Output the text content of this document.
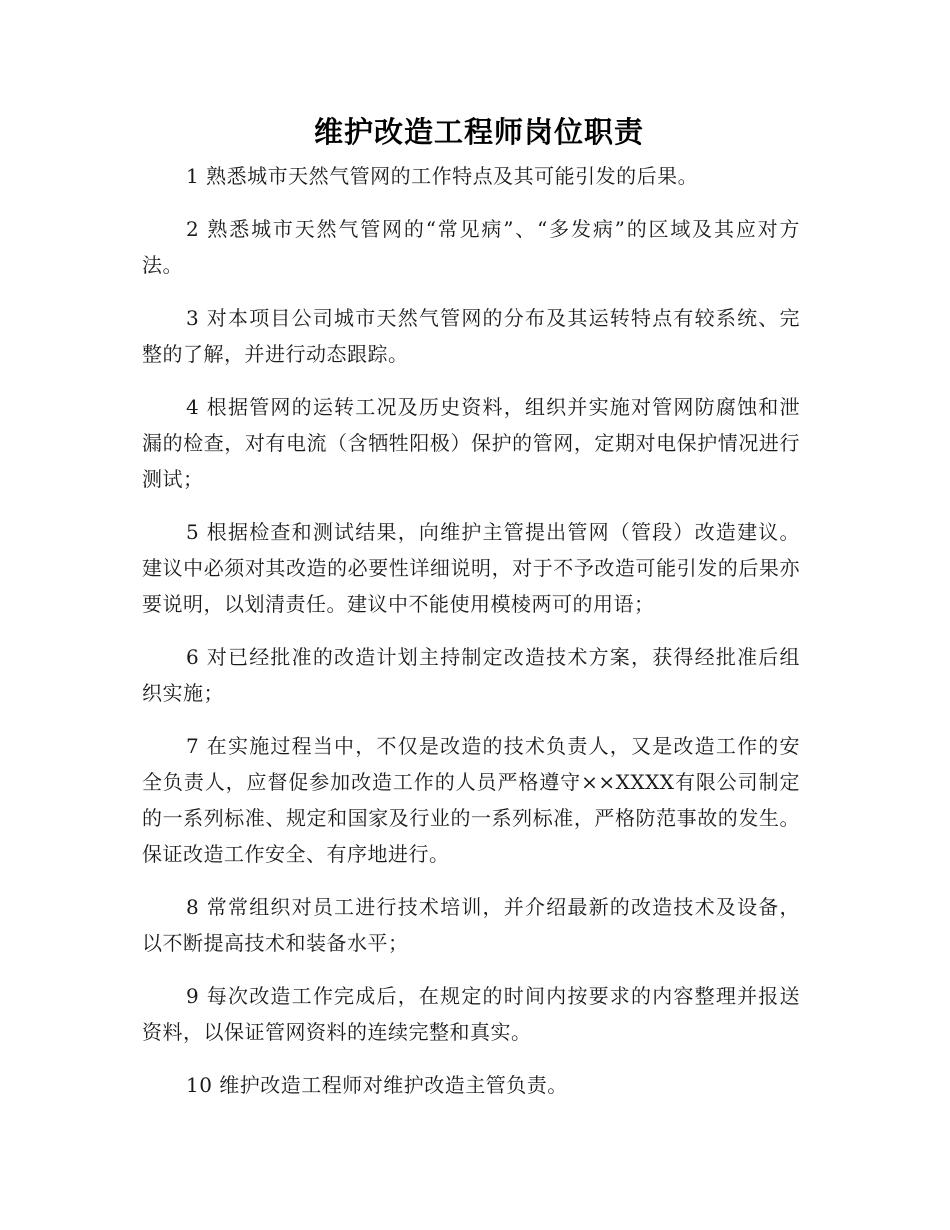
维护改造工程师岗位职责

1 熟悉城市天然气管网的工作特点及其可能引发的后果。

2 熟悉城市天然气管网的“常见病”、“多发病”的区域及其应对方法。

3 对本项目公司城市天然气管网的分布及其运转特点有较系统、完整的了解，并进行动态跟踪。

4 根据管网的运转工况及历史资料，组织并实施对管网防腐蚀和泄漏的检查，对有电流（含牺牲阳极）保护的管网，定期对电保护情况进行测试；

5 根据检查和测试结果，向维护主管提出管网（管段）改造建议。建议中必须对其改造的必要性详细说明，对于不予改造可能引发的后果亦要说明，以划清责任。建议中不能使用模棱两可的用语；

6 对已经批准的改造计划主持制定改造技术方案，获得经批准后组织实施；

7 在实施过程当中，不仅是改造的技术负责人，又是改造工作的安全负责人，应督促参加改造工作的人员严格遵守××XXXX有限公司制定的一系列标准、规定和国家及行业的一系列标准，严格防范事故的发生。保证改造工作安全、有序地进行。

8 常常组织对员工进行技术培训，并介绍最新的改造技术及设备，以不断提高技术和装备水平；

9 每次改造工作完成后，在规定的时间内按要求的内容整理并报送资料，以保证管网资料的连续完整和真实。

10 维护改造工程师对维护改造主管负责。
